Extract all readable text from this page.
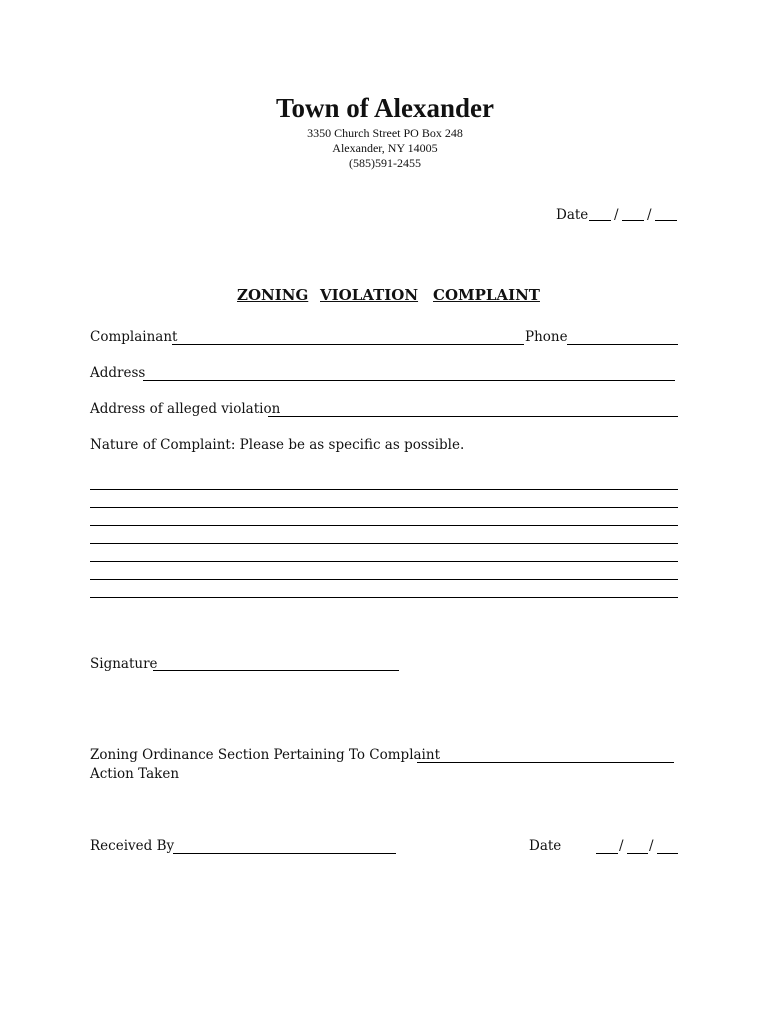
Town of Alexander
3350 Church Street PO Box 248
Alexander, NY 14005
(585)591-2455
Date / /
ZONING VIOLATION COMPLAINT
Complainant	Phone
Address
Address of alleged violation
Nature of Complaint: Please be as specific as possible.
Signature
Zoning Ordinance Section Pertaining To Complaint
Action Taken
Received By	Date	/ /
